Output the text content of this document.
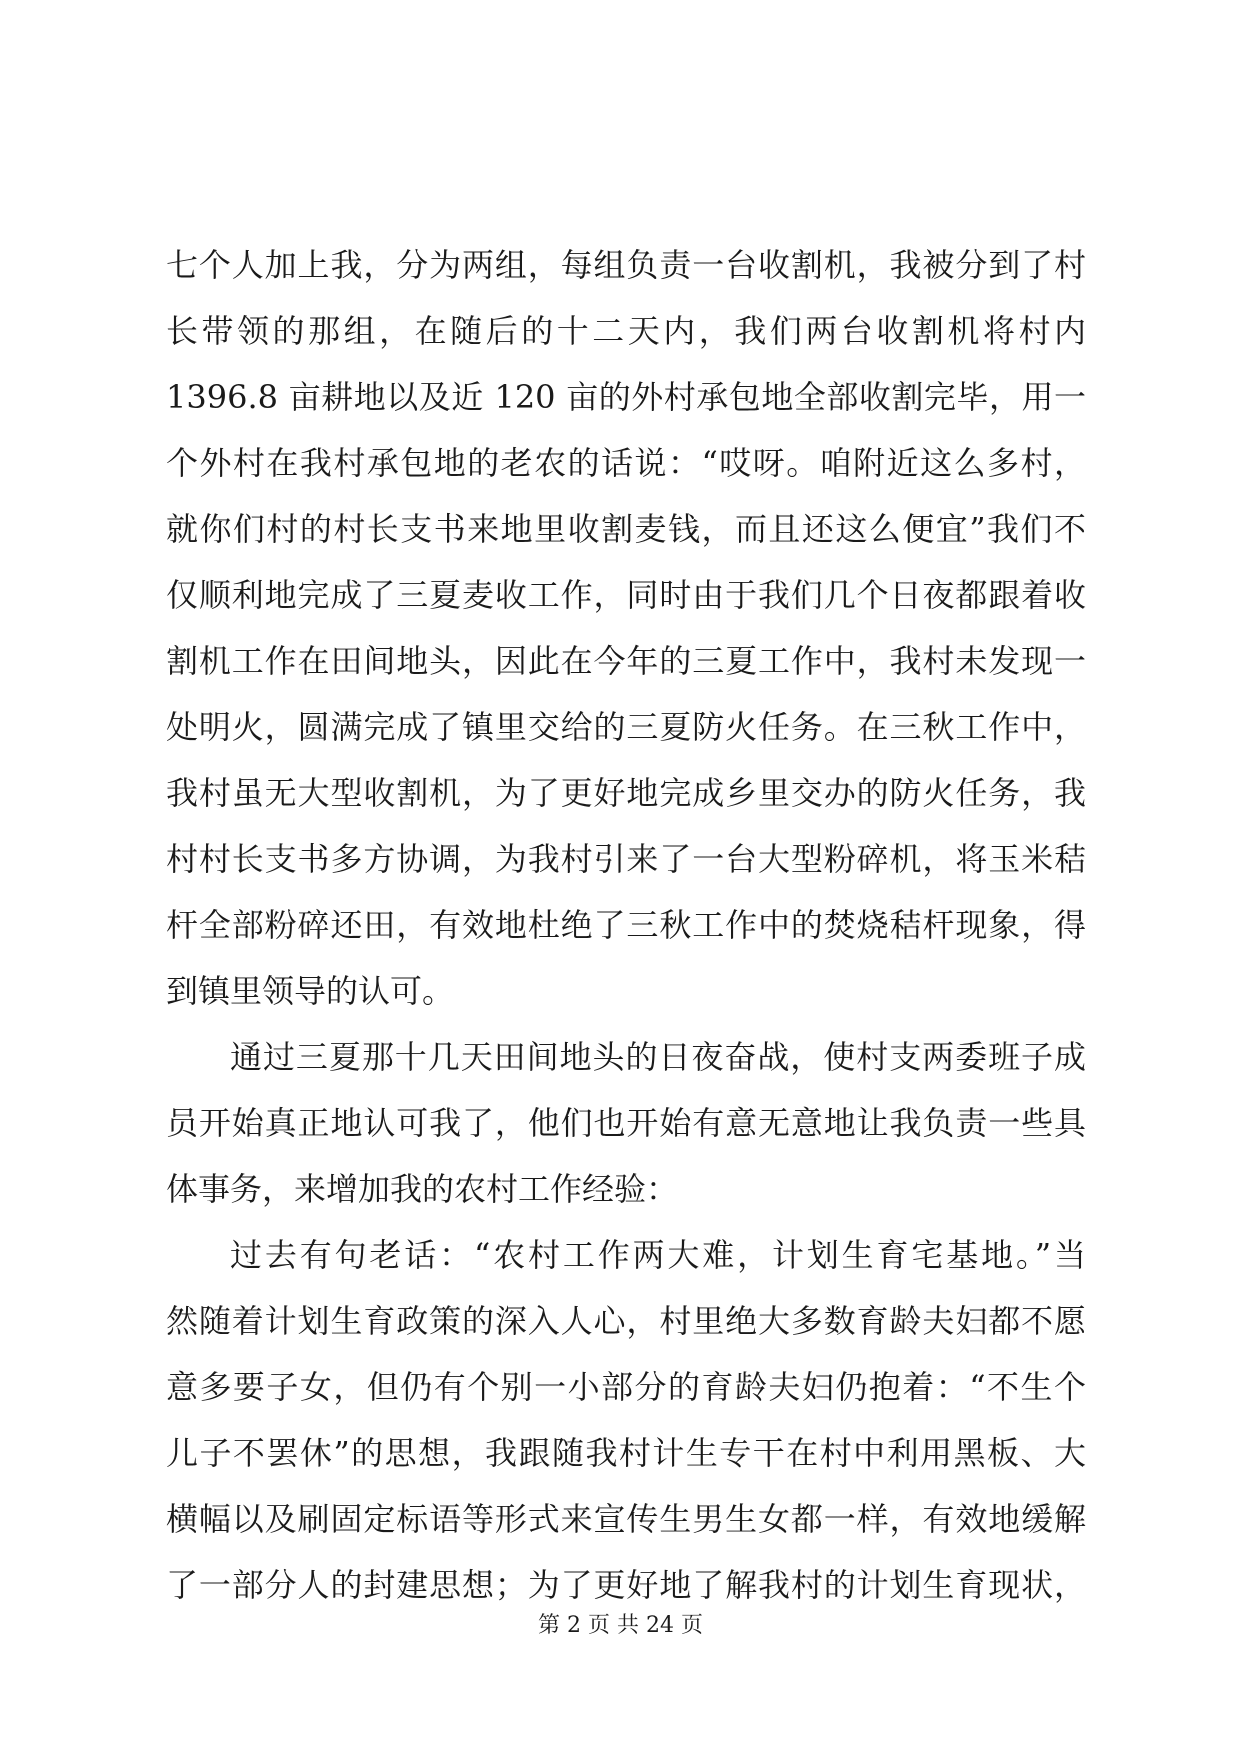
七个人加上我，分为两组，每组负责一台收割机，我被分到了村
长带领的那组，在随后的十二天内，我们两台收割机将村内
1396.8 亩耕地以及近 120 亩的外村承包地全部收割完毕，用一
个外村在我村承包地的老农的话说：“哎呀。咱附近这么多村，
就你们村的村长支书来地里收割麦钱，而且还这么便宜”我们不
仅顺利地完成了三夏麦收工作，同时由于我们几个日夜都跟着收
割机工作在田间地头，因此在今年的三夏工作中，我村未发现一
处明火，圆满完成了镇里交给的三夏防火任务。在三秋工作中，
我村虽无大型收割机，为了更好地完成乡里交办的防火任务，我
村村长支书多方协调，为我村引来了一台大型粉碎机，将玉米秸
杆全部粉碎还田，有效地杜绝了三秋工作中的焚烧秸杆现象，得
到镇里领导的认可。
通过三夏那十几天田间地头的日夜奋战，使村支两委班子成
员开始真正地认可我了，他们也开始有意无意地让我负责一些具
体事务，来增加我的农村工作经验：
过去有句老话：“农村工作两大难，计划生育宅基地。”当
然随着计划生育政策的深入人心，村里绝大多数育龄夫妇都不愿
意多要子女，但仍有个别一小部分的育龄夫妇仍抱着：“不生个
儿子不罢休”的思想，我跟随我村计生专干在村中利用黑板、大
横幅以及刷固定标语等形式来宣传生男生女都一样，有效地缓解
了一部分人的封建思想；为了更好地了解我村的计划生育现状，
第 2 页 共 24 页
